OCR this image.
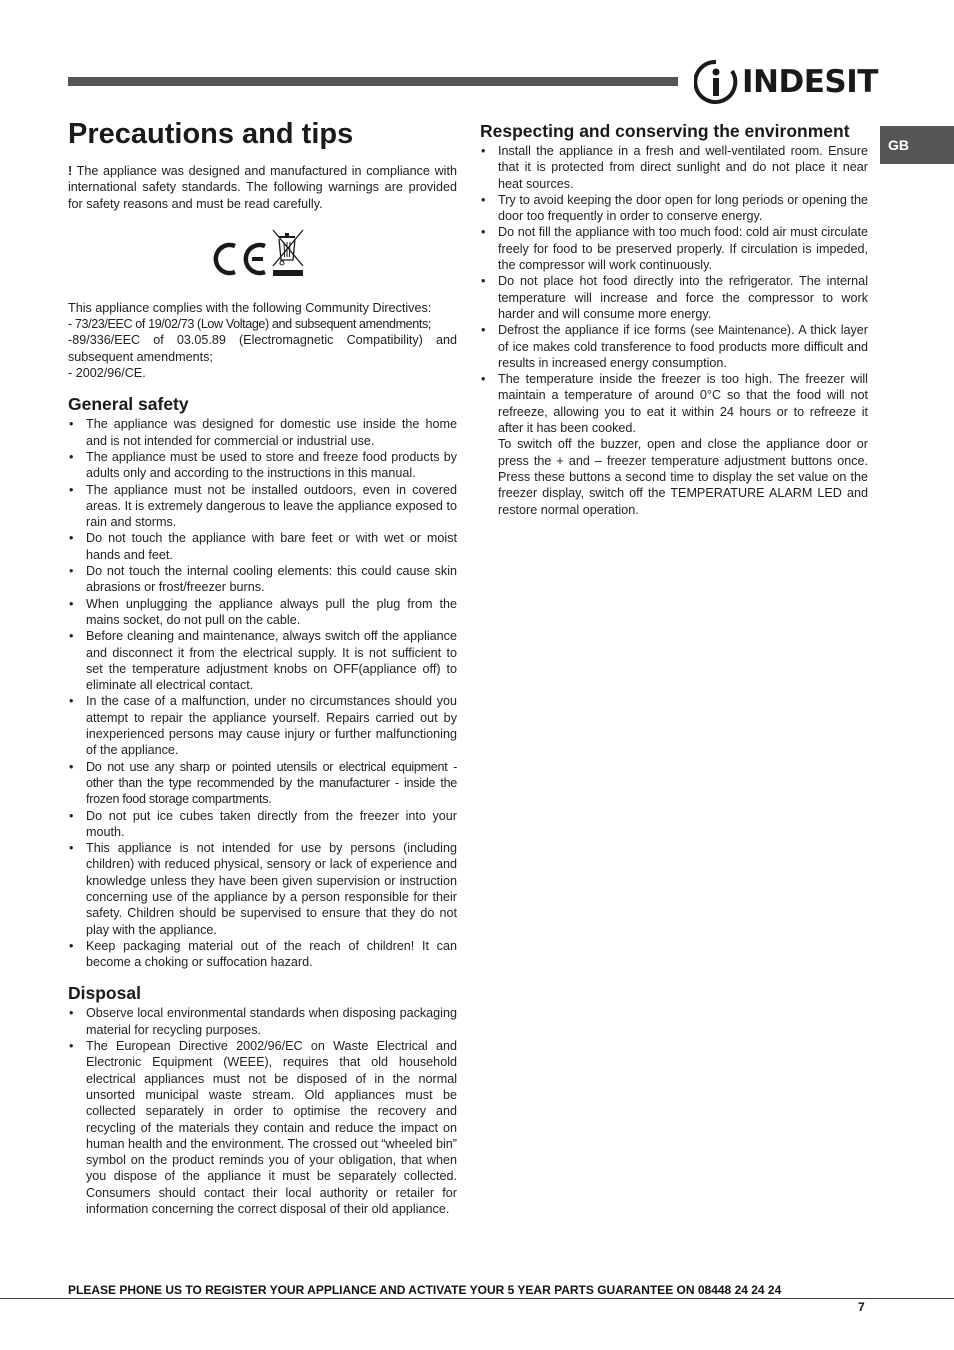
INDESIT
GB
Precautions and tips

! The appliance was designed and manufactured in compliance with international safety standards. The following warnings are provided for safety reasons and must be read carefully.

This appliance complies with the following Community Directives:

- 73/23/EEC of 19/02/73 (Low Voltage) and subsequent amendments;

-89/336/EEC of 03.05.89 (Electromagnetic Compatibility) and subsequent amendments;

- 2002/96/CE.

General safety
• The appliance was designed for domestic use inside the home and is not intended for commercial or industrial use.
• The appliance must be used to store and freeze food products by adults only and according to the instructions in this manual.
• The appliance must not be installed outdoors, even in covered areas. It is extremely dangerous to leave the appliance exposed to rain and storms.
• Do not touch the appliance with bare feet or with wet or moist hands and feet.
• Do not touch the internal cooling elements: this could cause skin abrasions or frost/freezer burns.
• When unplugging the appliance always pull the plug from the mains socket, do not pull on the cable.
• Before cleaning and maintenance, always switch off the appliance and disconnect it from the electrical supply. It is not sufficient to set the temperature adjustment knobs on OFF(appliance off) to eliminate all electrical contact.
• In the case of a malfunction, under no circumstances should you attempt to repair the appliance yourself. Repairs carried out by inexperienced persons may cause injury or further malfunctioning of the appliance.
• Do not use any sharp or pointed utensils or electrical equipment - other than the type recommended by the manufacturer - inside the frozen food storage compartments.
• Do not put ice cubes taken directly from the freezer into your mouth.
• This appliance is not intended for use by persons (including children) with reduced physical, sensory or lack of experience and knowledge unless they have been given supervision or instruction concerning use of the appliance by a person responsible for their safety. Children should be supervised to ensure that they do not play with the appliance.
• Keep packaging material out of the reach of children! It can become a choking or suffocation hazard.
Disposal
• Observe local environmental standards when disposing packaging material for recycling purposes.
• The European Directive 2002/96/EC on Waste Electrical and Electronic Equipment (WEEE), requires that old household electrical appliances must not be disposed of in the normal unsorted municipal waste stream. Old appliances must be collected separately in order to optimise the recovery and recycling of the materials they contain and reduce the impact on human health and the environment. The crossed out “wheeled bin” symbol on the product reminds you of your obligation, that when you dispose of the appliance it must be separately collected. Consumers should contact their local authority or retailer for information concerning the correct disposal of their old appliance.
Respecting and conserving the environment
• Install the appliance in a fresh and well-ventilated room. Ensure that it is protected from direct sunlight and do not place it near heat sources.
• Try to avoid keeping the door open for long periods or opening the door too frequently in order to conserve energy.
• Do not fill the appliance with too much food: cold air must circulate freely for food to be preserved properly. If circulation is impeded, the compressor will work continuously.
• Do not place hot food directly into the refrigerator. The internal temperature will increase and force the compressor to work harder and will consume more energy.
• Defrost the appliance if ice forms (see Maintenance). A thick layer of ice makes cold transference to food products more difficult and results in increased energy consumption.
• The temperature inside the freezer is too high. The freezer will maintain a temperature of around 0°C so that the food will not refreeze, allowing you to eat it within 24 hours or to refreeze it after it has been cooked.
To switch off the buzzer, open and close the appliance door or press the + and – freezer temperature adjustment buttons once. Press these buttons a second time to display the set value on the freezer display, switch off the TEMPERATURE ALARM LED and restore normal operation.
PLEASE PHONE US TO REGISTER YOUR APPLIANCE AND ACTIVATE YOUR 5 YEAR PARTS GUARANTEE ON 08448 24 24 24
7
